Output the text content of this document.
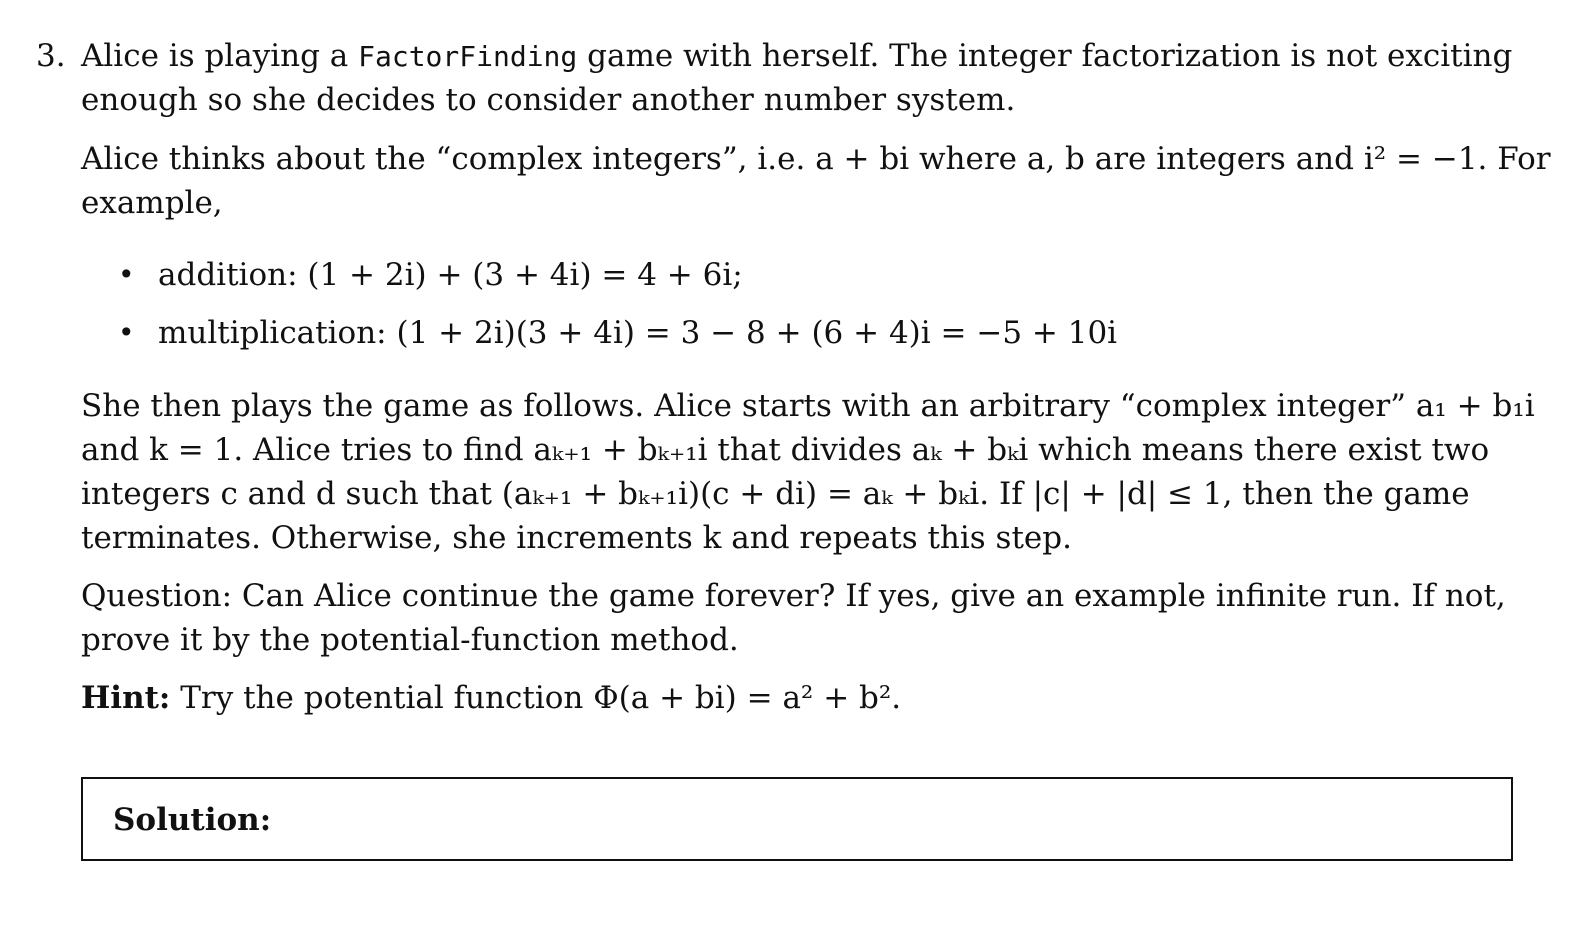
3. Alice is playing a FactorFinding game with herself. The integer factorization is not exciting
enough so she decides to consider another number system.
Alice thinks about the “complex integers”, i.e. a + bi where a, b are integers and i² = −1. For
example,
• addition: (1 + 2i) + (3 + 4i) = 4 + 6i;
• multiplication: (1 + 2i)(3 + 4i) = 3 − 8 + (6 + 4)i = −5 + 10i
She then plays the game as follows. Alice starts with an arbitrary “complex integer” a₁ + b₁i
and k = 1. Alice tries to find aₖ₊₁ + bₖ₊₁i that divides aₖ + bₖi which means there exist two
integers c and d such that (aₖ₊₁ + bₖ₊₁i)(c + di) = aₖ + bₖi. If |c| + |d| ≤ 1, then the game
terminates. Otherwise, she increments k and repeats this step.
Question: Can Alice continue the game forever? If yes, give an example infinite run. If not,
prove it by the potential-function method.
Hint: Try the potential function Φ(a + bi) = a² + b².
Solution:
